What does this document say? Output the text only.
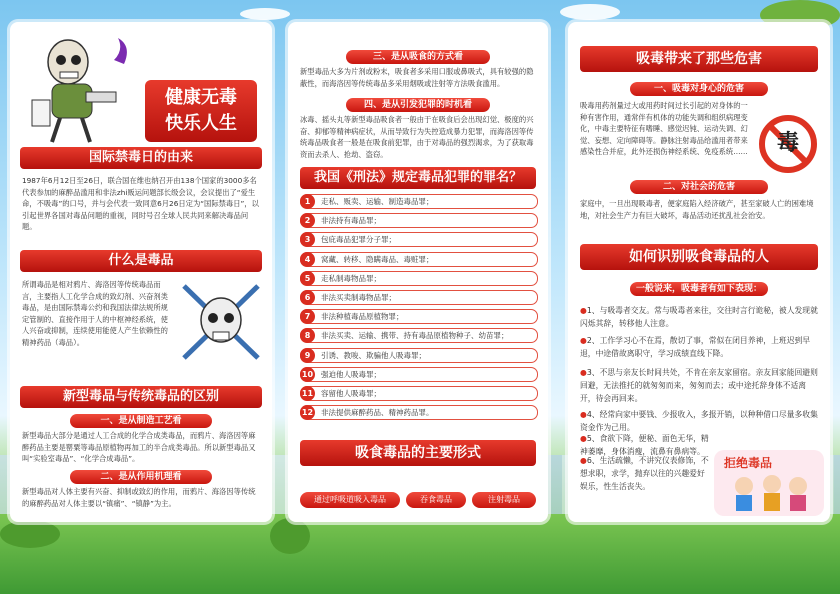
健康无毒
快乐人生
国际禁毒日的由来
1987年6月12日至26日，联合国在维也纳召开由138个国家的3000多名代表参加的麻醉品滥用和非法zhi贩运问题部长级会议，会议提出了“爱生命，不吸毒”的口号，并与会代表一致同意6月26日定为“国际禁毒日”，以引起世界各国对毒品问题的重视，同时号召全球人民共同来解决毒品问题。
什么是毒品
所谓毒品是相对鸦片、海洛因等传统毒品而言，主要指人工化学合成的致幻剂、兴奋剂类毒品，是由国际禁毒公约和我国法律法规所规定管制的、直接作用于人的中枢神经系统，使人兴奋或抑制，连续使用能使人产生依赖性的精神药品（毒品）。
新型毒品与传统毒品的区别
一、是从制造工艺看
新型毒品大部分是通过人工合成的化学合成类毒品，而鸦片、海洛因等麻醉药品主要是罂粟等毒品原植物再加工的半合成类毒品。所以新型毒品又叫“实验室毒品”、“化学合成毒品”。
二、是从作用机理看
新型毒品对人体主要有兴奋、抑制或致幻的作用，而鸦片、海洛因等传统的麻醉药品对人体主要以“镇痛”、“镇静”为主。
三、是从吸食的方式看
新型毒品大多为片剂或粉末，吸食者多采用口服或鼻吸式，具有较强的隐蔽性，而海洛因等传统毒品多采用烟吸或注射等方法吸食滥用。
四、是从引发犯罪的时机看
冰毒、摇头丸等新型毒品吸食者一般由于在吸食后会出现幻觉、极度的兴奋、抑郁等精神病症状，从而导致行为失控造成暴力犯罪，而海洛因等传统毒品吸食者一般是在吸食前犯罪，由于对毒品的强烈渴求，为了获取毒资而去杀人、抢劫、盗窃。
我国《刑法》规定毒品犯罪的罪名？
1	走私、贩卖、运输、制造毒品罪；
2	非法持有毒品罪；
3	包庇毒品犯罪分子罪；
4	窝藏、转移、隐瞒毒品、毒赃罪；
5	走私制毒物品罪；
6	非法买卖制毒物品罪；
7	非法种植毒品原植物罪；
8	非法买卖、运输、携带、持有毒品原植物种子、幼苗罪；
9	引诱、教唆、欺骗他人吸毒罪；
10 强迫他人吸毒罪；
11 容留他人吸毒罪；
12 非法提供麻醉药品、精神药品罪。
吸食毒品的主要形式
通过呼吸道吸入毒品	吞食毒品	注射毒品
吸毒带来了那些危害
一、吸毒对身心的危害
吸毒用药剂量过大或用药时间过长引起的对身体的一种有害作用，通常伴有机体的功能失调和组织病理变化，中毒主要特征有嗜睡、感觉迟钝、运动失调、幻觉、妄想、定向障碍等。静脉注射毒品给滥用者带来感染性合并症，此外还损伤神经系统、免疫系统……	毒
二、对社会的危害
家庭中，一旦出现吸毒者，便家庭陷入经济破产，甚至家破人亡的困难境地，对社会生产力有巨大破坏，毒品活动还扰乱社会治安。
如何识别吸食毒品的人
一般说来，吸毒者有如下表现：
●1、与吸毒者交友。常与吸毒者来往，交往时言行诡秘，被人发现就闪烁其辞，转移他人注意。
●2、工作学习心不在焉，散切了事，常似在闭目养神，上班迟到早退，中途借故离职守，学习成绩直线下降。
●3、不思与亲友长时间共处，不肯在亲友家留宿。亲友回家能回避则回避，无法推托的就匆匆而来，匆匆而去；或中途托辞身体不适离开，待会再回来。
●4、经常向家中要钱、少报收入，多报开销，以种种借口尽量多收集资金作为己用。
●5、食欲下降，便秘、面色无华，精神萎靡，身体消瘦，流鼻有鼻病等。
●6、生活疏懒，不讲究仪表修饰，不想求职，求学，抛弃以往的兴趣爱好娱乐，性生活丧失。
拒绝毒品
